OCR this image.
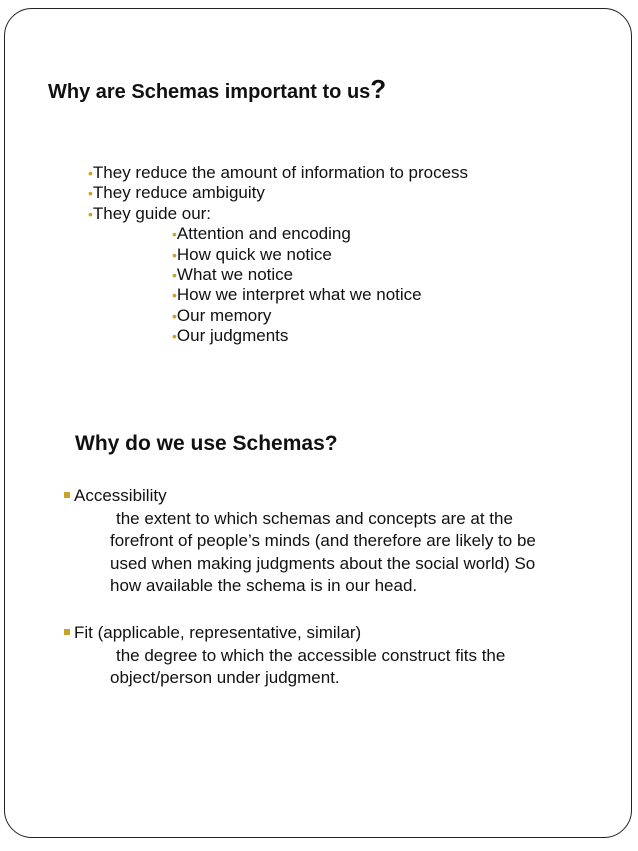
Why are Schemas important to us?
•They reduce the amount of information to process
•They reduce ambiguity
•They guide our:
•Attention and encoding
•How quick we notice
•What we notice
•How we interpret what we notice
•Our memory
•Our judgments
Why do we use Schemas?
Accessibility
the extent to which schemas and concepts are at the
forefront of people’s minds (and therefore are likely to be
used when making judgments about the social world) So
how available the schema is in our head.
Fit (applicable, representative, similar)
the degree to which the accessible construct fits the
object/person under judgment.
